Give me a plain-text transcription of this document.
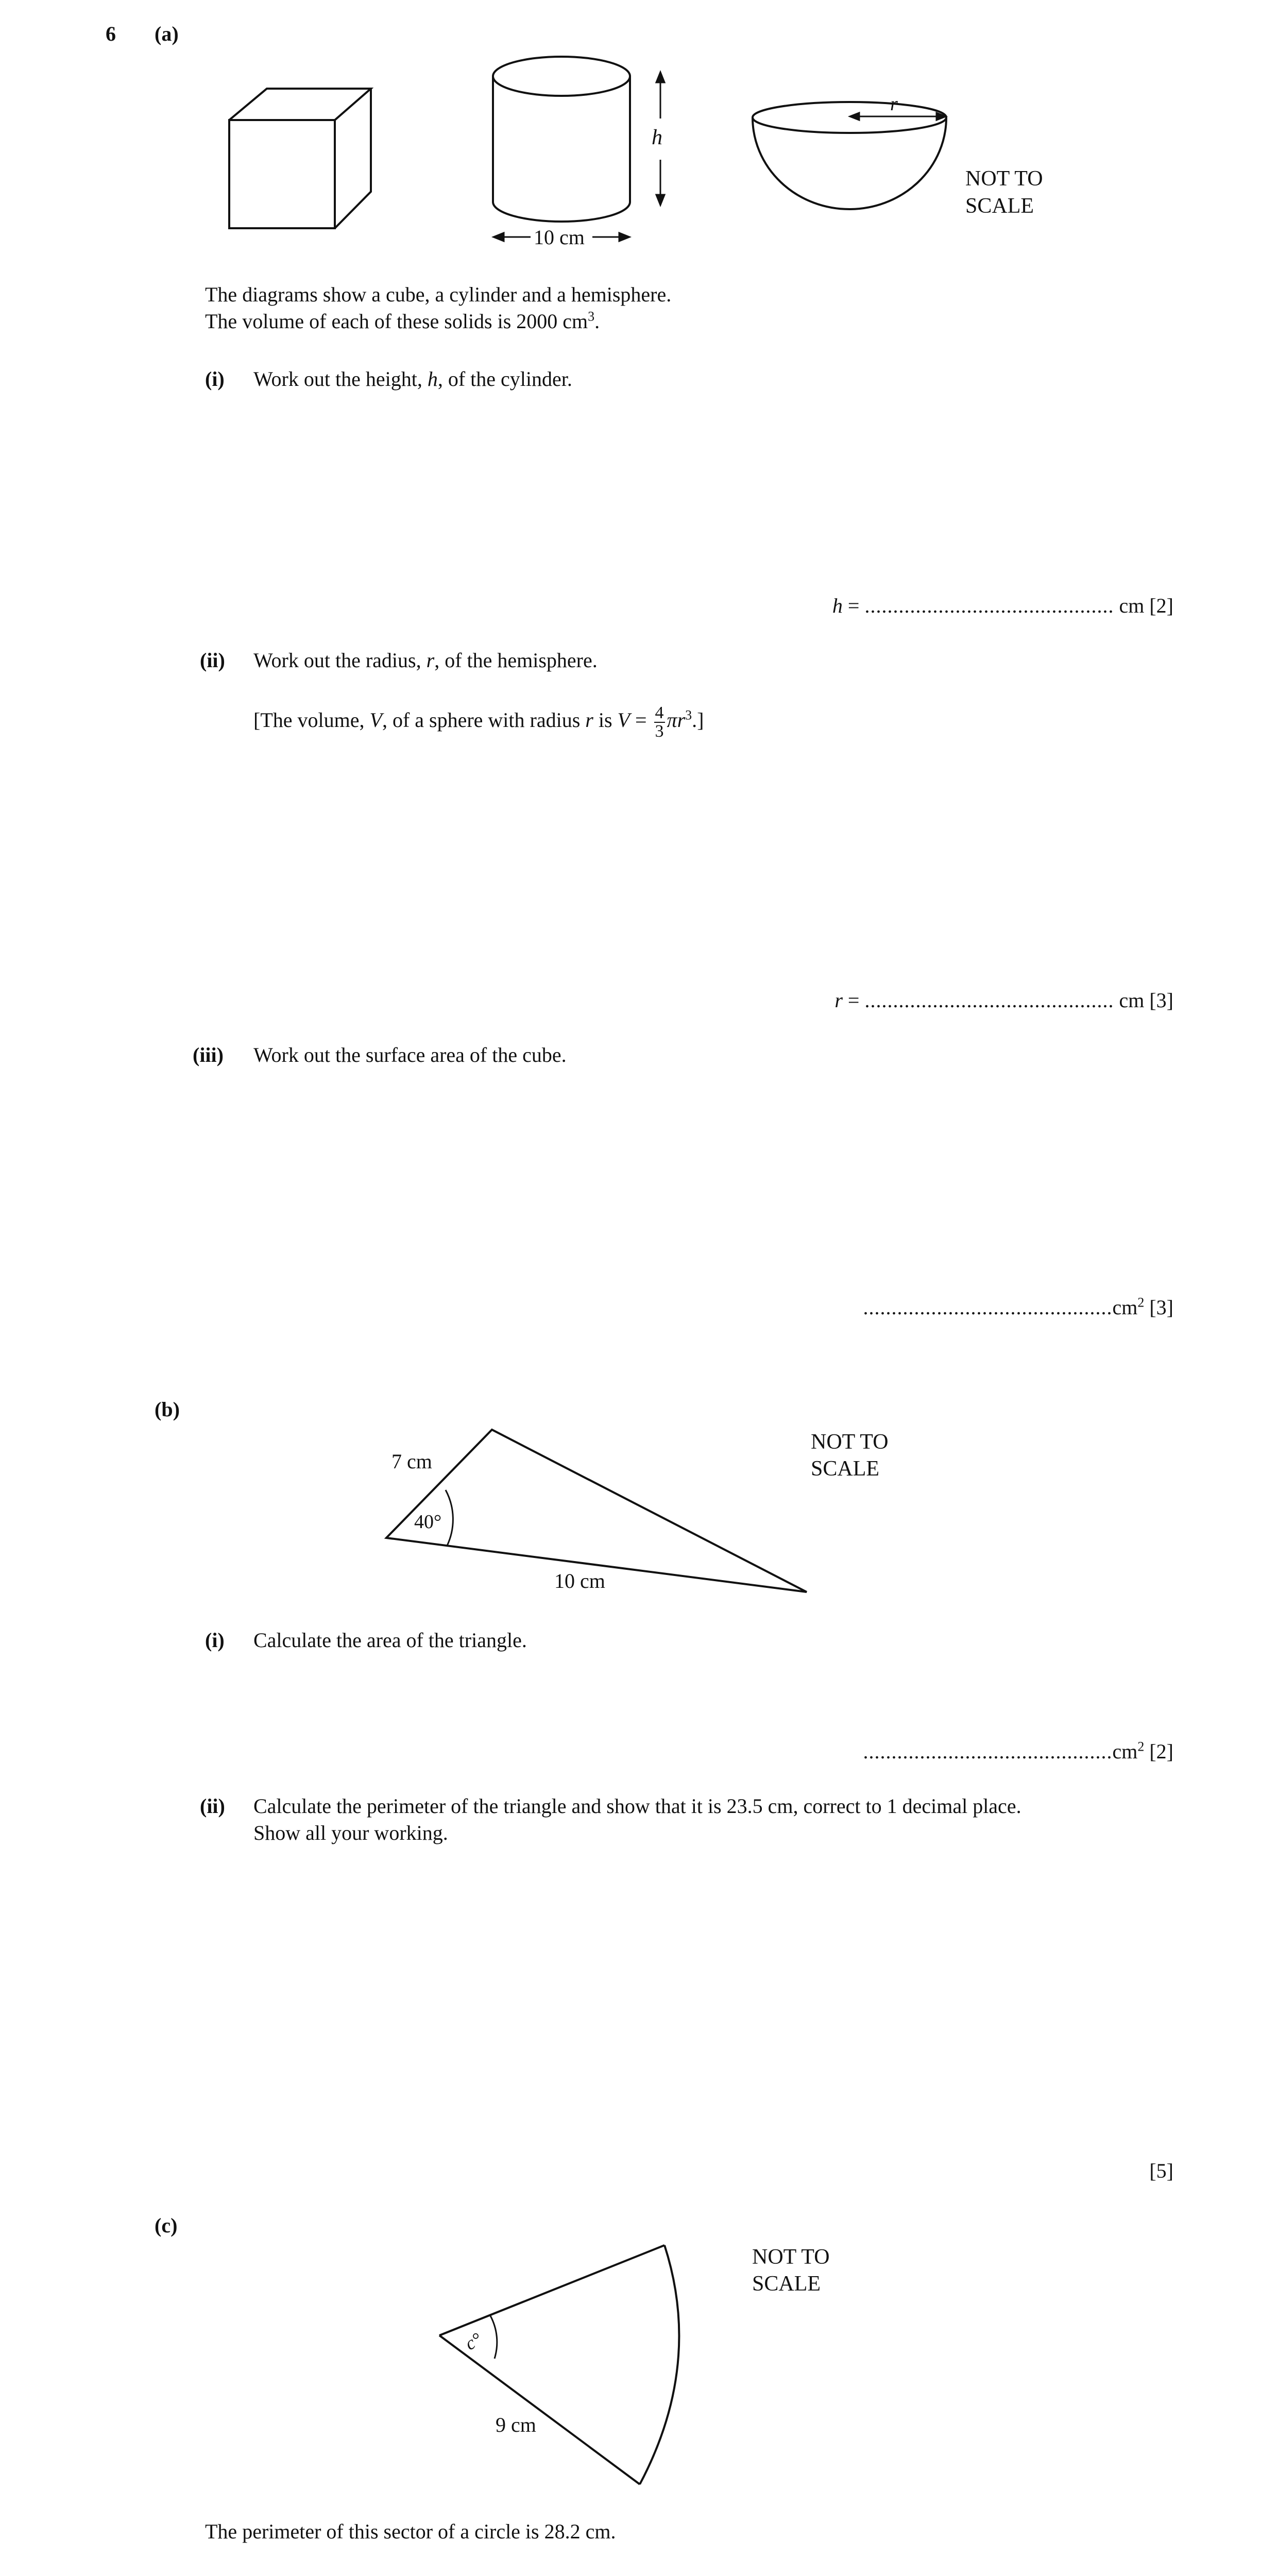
6 (a)
h
10 cm
r
NOT TO
SCALE
The diagrams show a cube, a cylinder and a hemisphere.
The volume of each of these solids is 2000 $cm^3$.
(i) Work out the height, h, of the cylinder.
h = ............................................ cm [2]
(ii) Work out the radius, r, of the hemisphere.
[The volume, V, of a sphere with radius r is $V = \frac{4}{3} \pi r^3$.]
r = ............................................ cm [3]
(iii) Work out the surface area of the cube.
$............................................cm^2$ [3]
(b)
7 cm
40°
10 cm
NOT TO
SCALE
(i) Calculate the area of the triangle.
$............................................cm^2$ [2]
(ii) Calculate the perimeter of the triangle and show that it is 23.5 cm, correct to 1 decimal place.
Show all your working.
[5]
(c)
c°
9 cm
NOT TO
SCALE
The perimeter of this sector of a circle is 28.2 cm.
